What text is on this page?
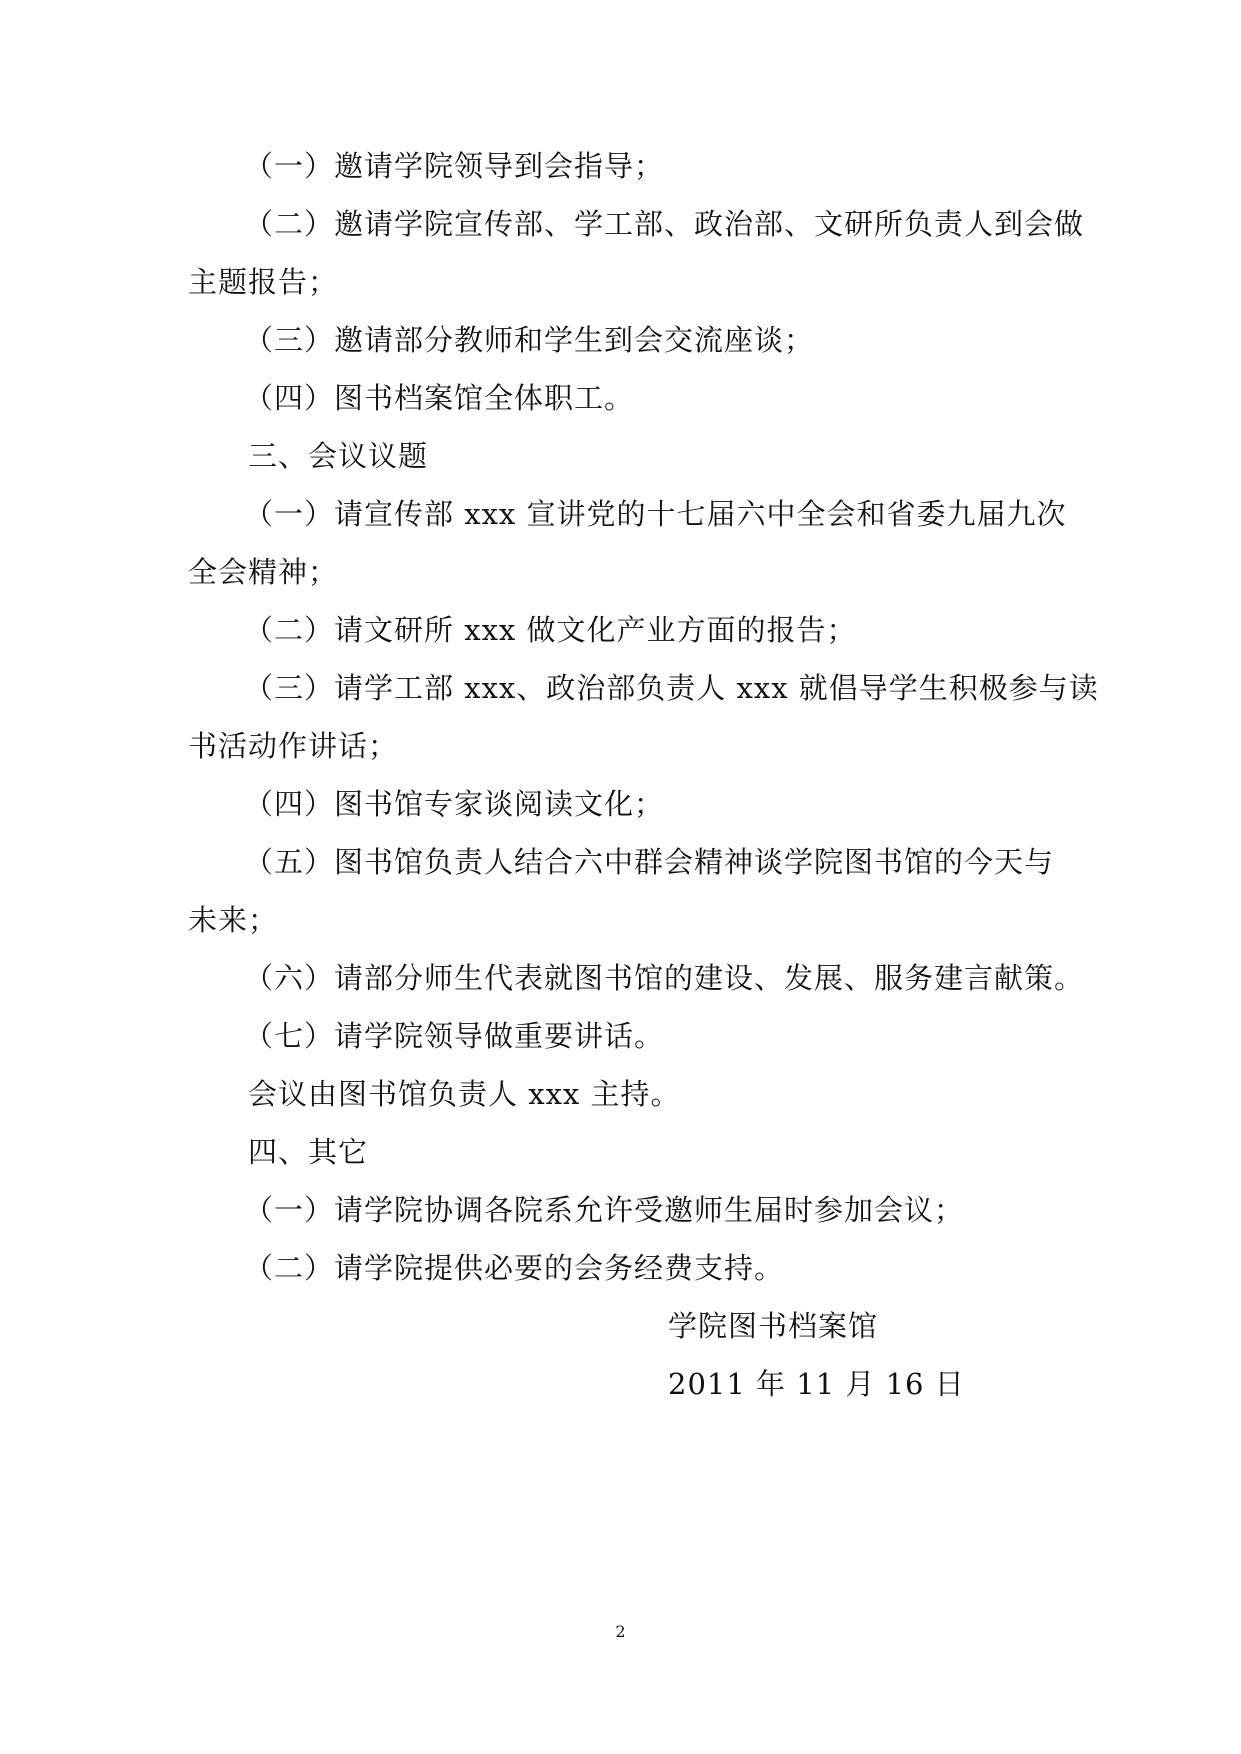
（一）邀请学院领导到会指导；
（二）邀请学院宣传部、学工部、政治部、文研所负责人到会做
主题报告；
（三）邀请部分教师和学生到会交流座谈；
（四）图书档案馆全体职工。
三、会议议题
（一）请宣传部 xxx 宣讲党的十七届六中全会和省委九届九次
全会精神；
（二）请文研所 xxx 做文化产业方面的报告；
（三）请学工部 xxx、政治部负责人 xxx 就倡导学生积极参与读
书活动作讲话；
（四）图书馆专家谈阅读文化；
（五）图书馆负责人结合六中群会精神谈学院图书馆的今天与
未来；
（六）请部分师生代表就图书馆的建设、发展、服务建言献策。
（七）请学院领导做重要讲话。
会议由图书馆负责人 xxx 主持。
四、其它
（一）请学院协调各院系允许受邀师生届时参加会议；
（二）请学院提供必要的会务经费支持。
学院图书档案馆
2011 年 11 月 16 日
2
